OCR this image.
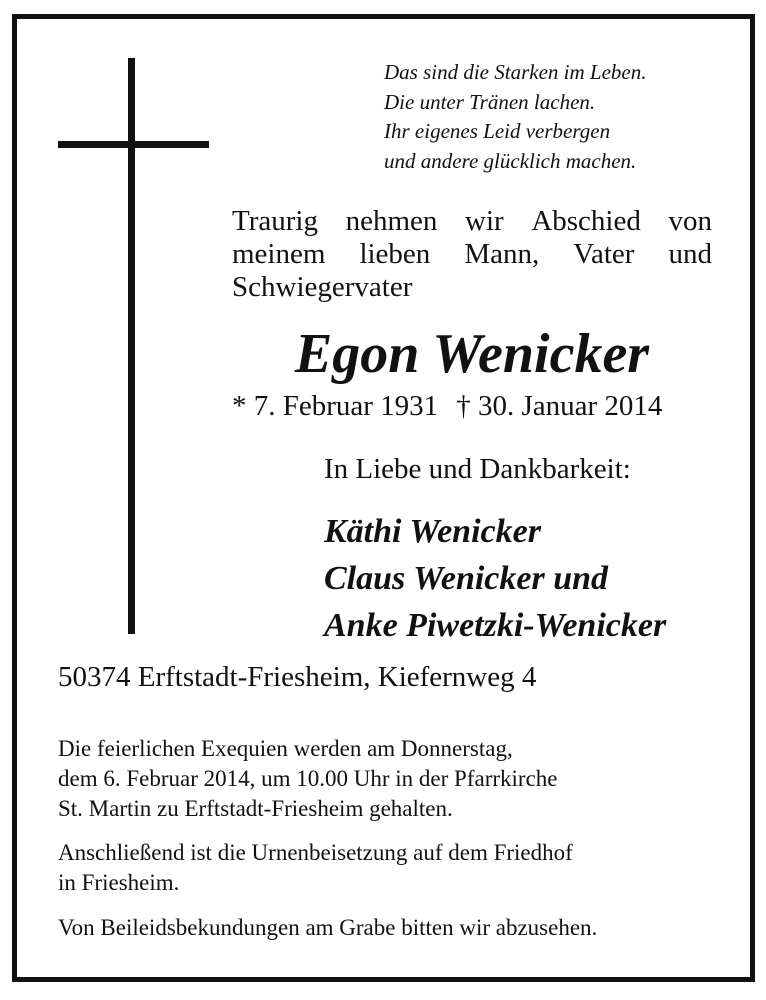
Das sind die Starken im Leben.
Die unter Tränen lachen.
Ihr eigenes Leid verbergen
und andere glücklich machen.
Traurig nehmen wir Abschied von
meinem lieben Mann, Vater und
Schwiegervater
Egon Wenicker
* 7. Februar 1931 † 30. Januar 2014
In Liebe und Dankbarkeit:
Käthi Wenicker
Claus Wenicker und
Anke Piwetzki-Wenicker
50374 Erftstadt-Friesheim, Kiefernweg 4
Die feierlichen Exequien werden am Donnerstag,
dem 6. Februar 2014, um 10.00 Uhr in der Pfarrkirche
St. Martin zu Erftstadt-Friesheim gehalten.
Anschließend ist die Urnenbeisetzung auf dem Friedhof
in Friesheim.
Von Beileidsbekundungen am Grabe bitten wir abzusehen.
